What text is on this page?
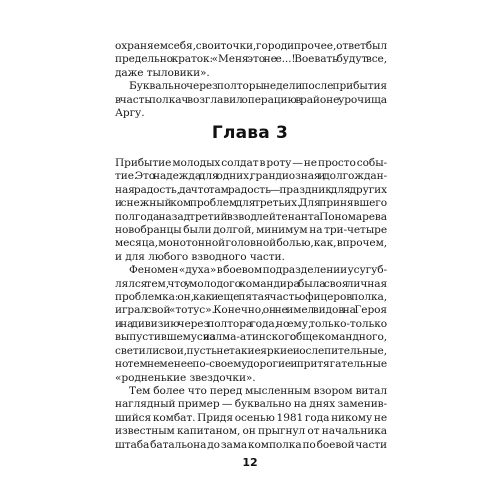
охраняем себя, свои точки, город и прочее, ответ был
предельно краток: «Меня это не е...! Воевать будут все,
даже тыловики».
Буквально через полторы недели после прибытия
в часть полкач возглавил операцию в районе урочища
Аргу.
Глава 3
Прибытие молодых солдат в роту — не просто собы-
тие. Это надежда для одних, грандиозная и долгождан-
ная радость, да что там радость — праздник для других
и снежный ком проблем для третьих. Для принявшего
полгода назад третий взвод лейтенанта Пономарева
новобранцы были долгой, минимум на три-четыре
месяца, монотонной головной болью, как, впрочем,
и для любого взводного части.
Феномен «духа» в боевом подразделении усугуб-
лялся тем, что у молодого командира была своя личная
проблемка: он, как и еще пятая часть офицеров полка,
играл свой «тотус». Конечно, он не имел видов на Героя
и на дивизию через полтора года, но ему, только-только
выпустившемуся из алма-атинского общекомандного,
светили свои, пусть не такие яркие и ослепительные,
но тем не менее по-своему дорогие и притягательные
«родненькие звездочки».
Тем более что перед мысленным взором витал
наглядный пример — буквально на днях заменив-
шийся комбат. Придя осенью 1981 года никому не
известным капитаном, он прыгнул от начальника
штаба батальона до зама комполка по боевой части
12
